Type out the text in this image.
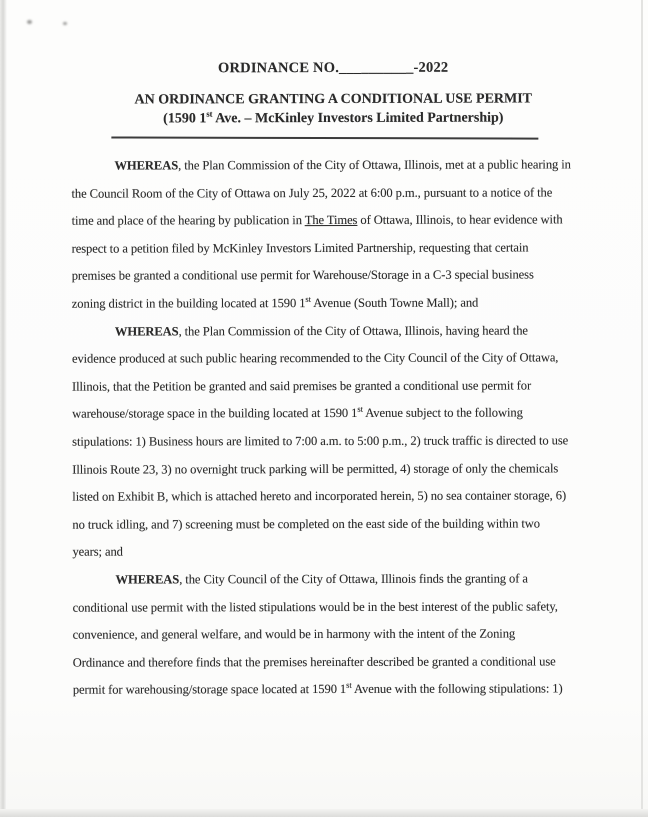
ORDINANCE NO.__________-2022
AN ORDINANCE GRANTING A CONDITIONAL USE PERMIT
(1590 1st Ave. – McKinley Investors Limited Partnership)
WHEREAS, the Plan Commission of the City of Ottawa, Illinois, met at a public hearing in
the Council Room of the City of Ottawa on July 25, 2022 at 6:00 p.m., pursuant to a notice of the
time and place of the hearing by publication in The Times of Ottawa, Illinois, to hear evidence with
respect to a petition filed by McKinley Investors Limited Partnership, requesting that certain
premises be granted a conditional use permit for Warehouse/Storage in a C-3 special business
zoning district in the building located at 1590 1st Avenue (South Towne Mall); and
WHEREAS, the Plan Commission of the City of Ottawa, Illinois, having heard the
evidence produced at such public hearing recommended to the City Council of the City of Ottawa,
Illinois, that the Petition be granted and said premises be granted a conditional use permit for
warehouse/storage space in the building located at 1590 1st Avenue subject to the following
stipulations: 1) Business hours are limited to 7:00 a.m. to 5:00 p.m., 2) truck traffic is directed to use
Illinois Route 23, 3) no overnight truck parking will be permitted, 4) storage of only the chemicals
listed on Exhibit B, which is attached hereto and incorporated herein, 5) no sea container storage, 6)
no truck idling, and 7) screening must be completed on the east side of the building within two
years; and
WHEREAS, the City Council of the City of Ottawa, Illinois finds the granting of a
conditional use permit with the listed stipulations would be in the best interest of the public safety,
convenience, and general welfare, and would be in harmony with the intent of the Zoning
Ordinance and therefore finds that the premises hereinafter described be granted a conditional use
permit for warehousing/storage space located at 1590 1st Avenue with the following stipulations: 1)
